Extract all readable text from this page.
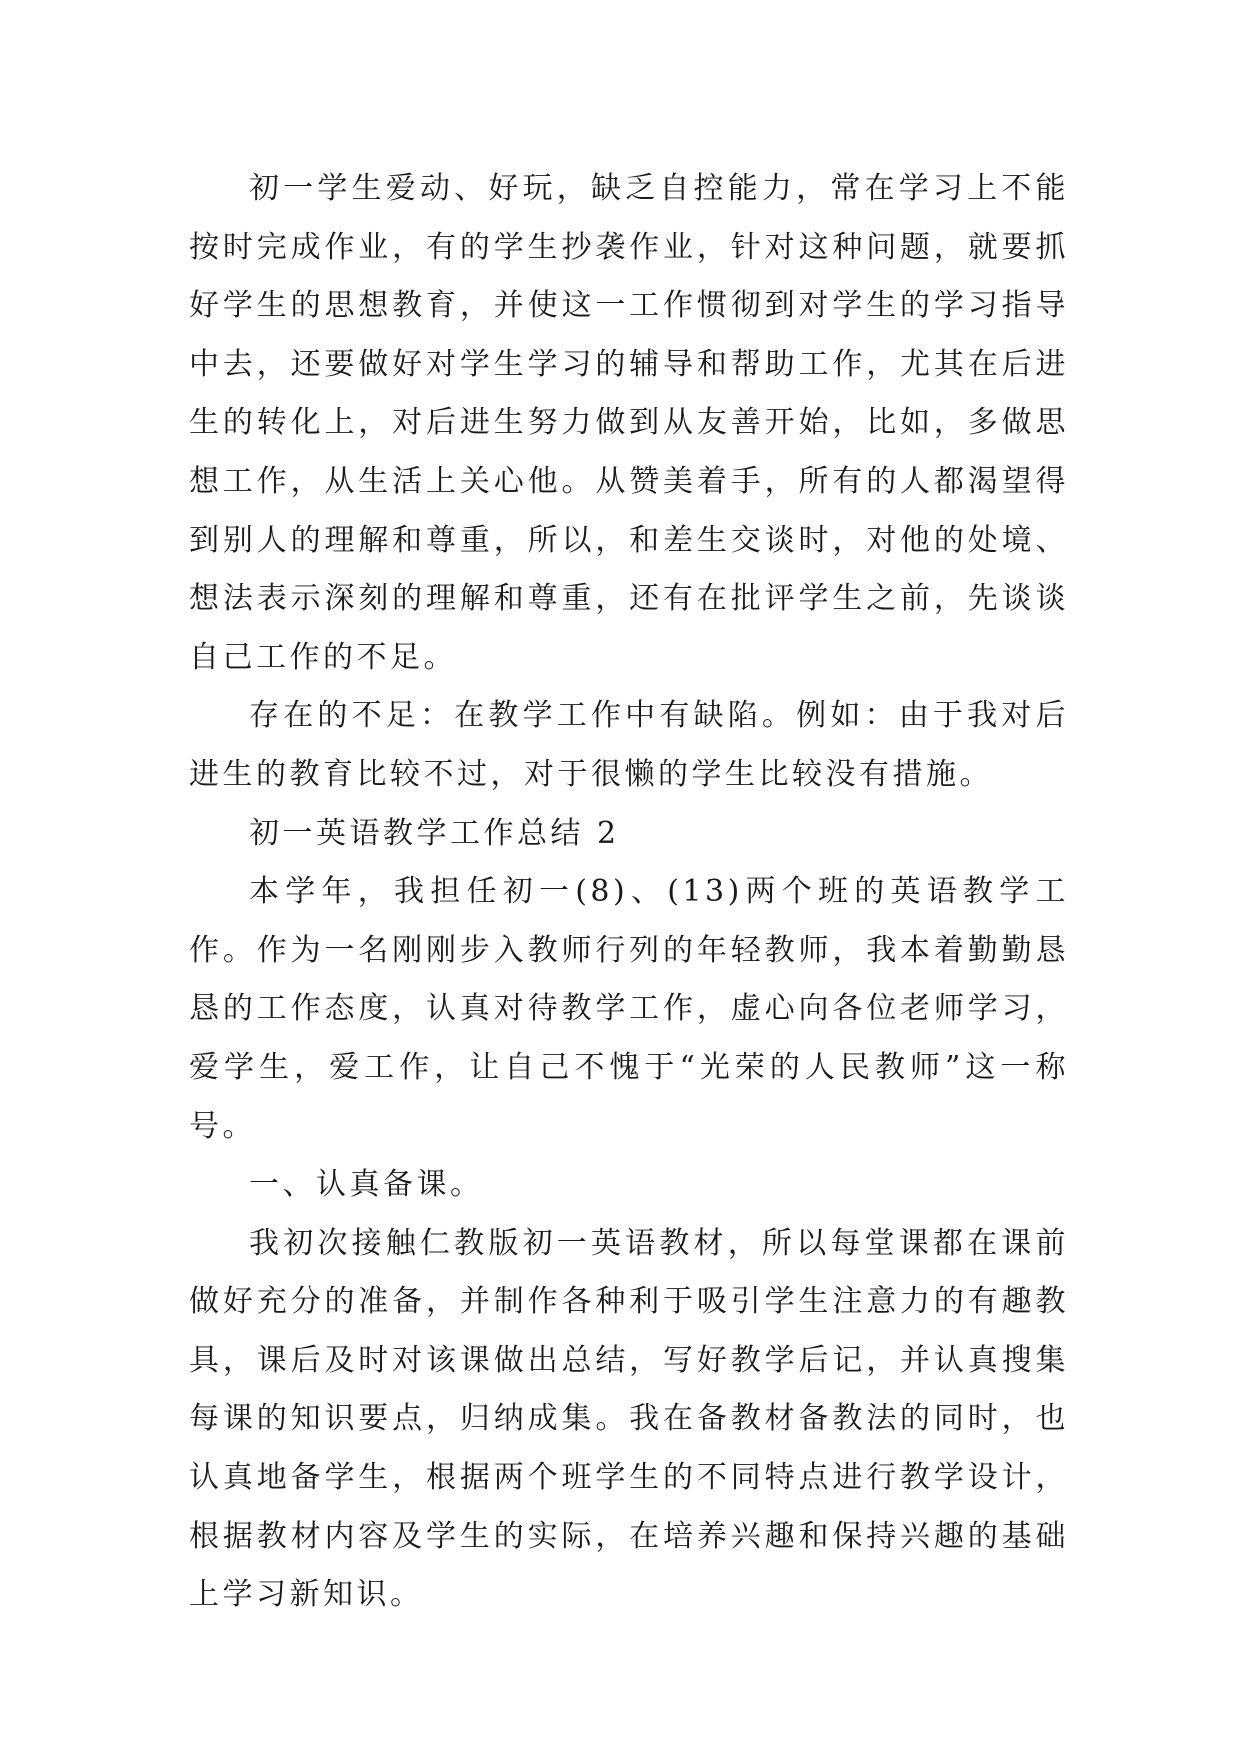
初一学生爱动、好玩，缺乏自控能力，常在学习上不能按时完成作业，有的学生抄袭作业，针对这种问题，就要抓好学生的思想教育，并使这一工作惯彻到对学生的学习指导中去，还要做好对学生学习的辅导和帮助工作，尤其在后进生的转化上，对后进生努力做到从友善开始，比如，多做思想工作，从生活上关心他。从赞美着手，所有的人都渴望得到别人的理解和尊重，所以，和差生交谈时，对他的处境、想法表示深刻的理解和尊重，还有在批评学生之前，先谈谈自己工作的不足。

存在的不足：在教学工作中有缺陷。例如：由于我对后进生的教育比较不过，对于很懒的学生比较没有措施。

初一英语教学工作总结 2

本学年，我担任初一(8)、(13)两个班的英语教学工作。作为一名刚刚步入教师行列的年轻教师，我本着勤勤恳恳的工作态度，认真对待教学工作，虚心向各位老师学习，爱学生，爱工作，让自己不愧于“光荣的人民教师”这一称号。

一、认真备课。

我初次接触仁教版初一英语教材，所以每堂课都在课前做好充分的准备，并制作各种利于吸引学生注意力的有趣教具，课后及时对该课做出总结，写好教学后记，并认真搜集每课的知识要点，归纳成集。我在备教材备教法的同时，也认真地备学生，根据两个班学生的不同特点进行教学设计，根据教材内容及学生的实际，在培养兴趣和保持兴趣的基础上学习新知识。
